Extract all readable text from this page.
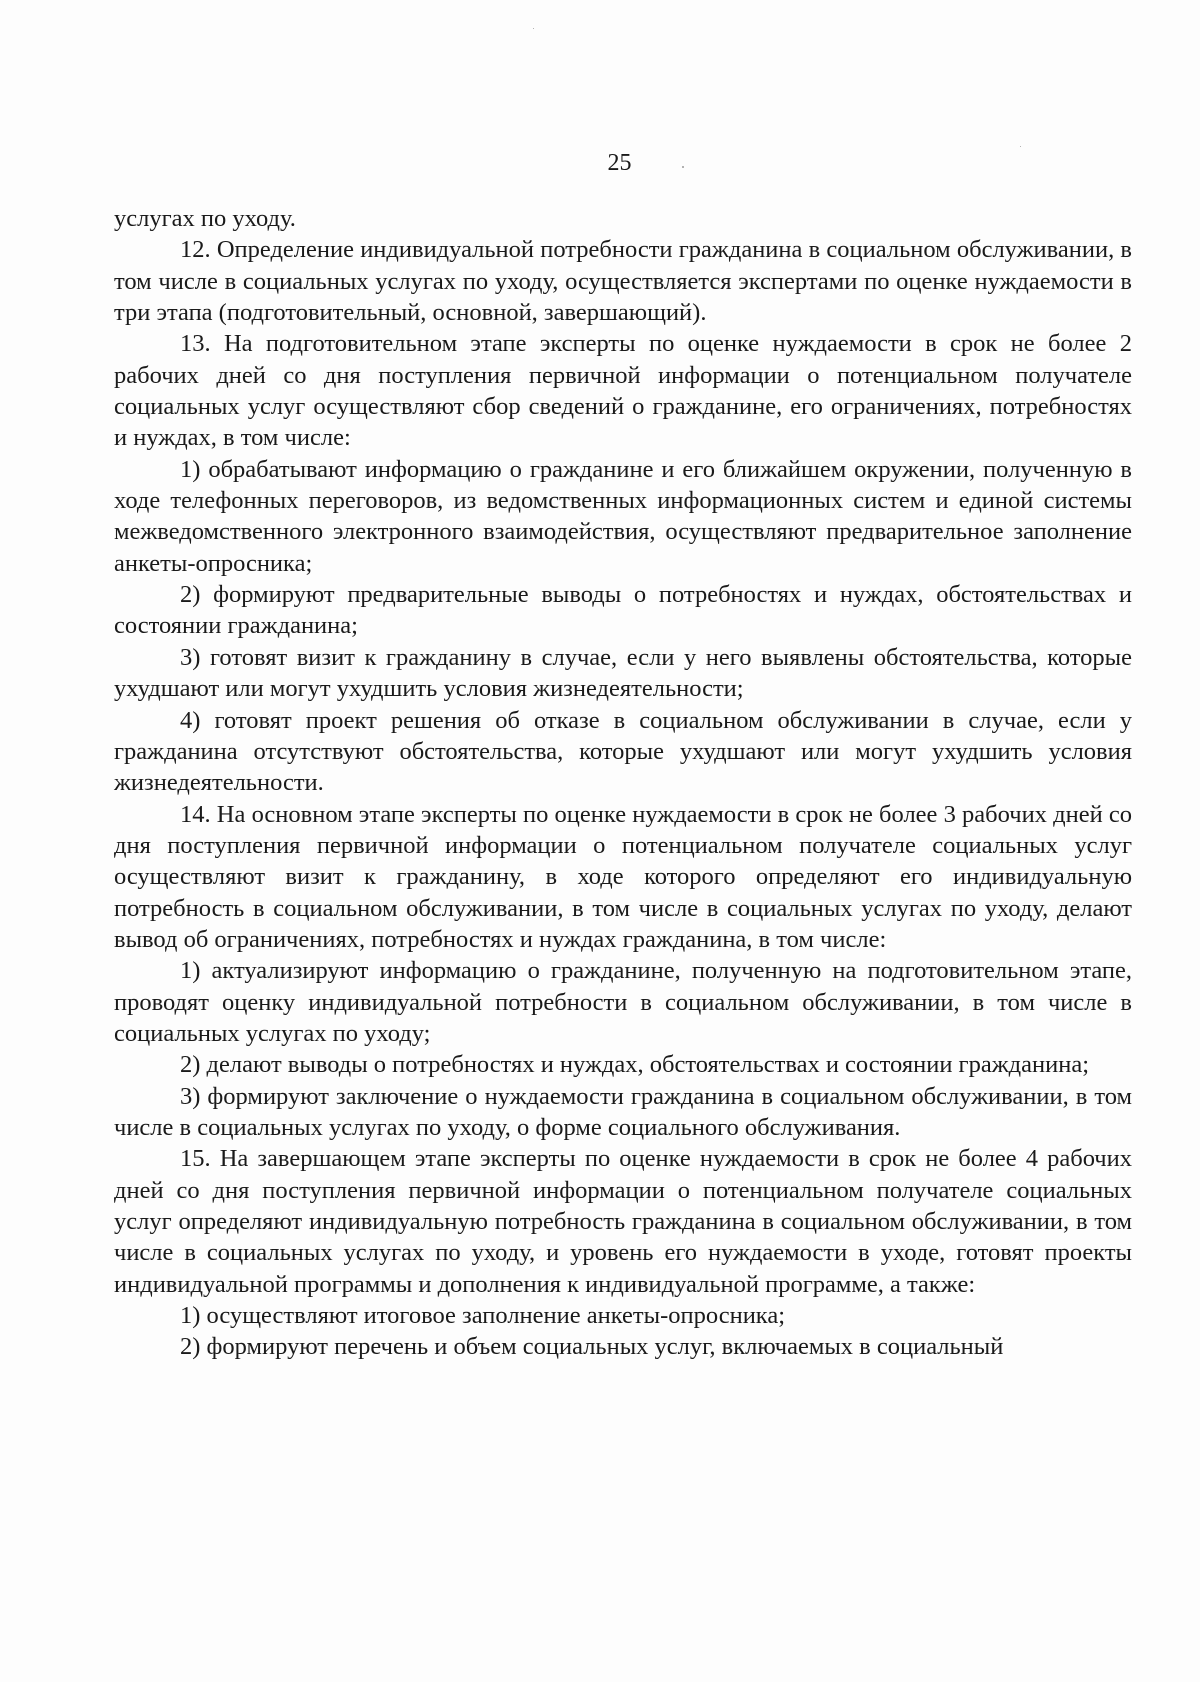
25

услугах по уходу.

12. Определение индивидуальной потребности гражданина в социальном обслуживании, в том числе в социальных услугах по уходу, осуществляется экспертами по оценке нуждаемости в три этапа (подготовительный, основной, завершающий).

13. На подготовительном этапе эксперты по оценке нуждаемости в срок не более 2 рабочих дней со дня поступления первичной информации о потенциальном получателе социальных услуг осуществляют сбор сведений о гражданине, его ограничениях, потребностях и нуждах, в том числе:

1) обрабатывают информацию о гражданине и его ближайшем окружении, полученную в ходе телефонных переговоров, из ведомственных информационных систем и единой системы межведомственного электронного взаимодействия, осуществляют предварительное заполнение анкеты-опросника;

2) формируют предварительные выводы о потребностях и нуждах, обстоятельствах и состоянии гражданина;

3) готовят визит к гражданину в случае, если у него выявлены обстоятельства, которые ухудшают или могут ухудшить условия жизнедеятельности;

4) готовят проект решения об отказе в социальном обслуживании в случае, если у гражданина отсутствуют обстоятельства, которые ухудшают или могут ухудшить условия жизнедеятельности.

14. На основном этапе эксперты по оценке нуждаемости в срок не более 3 рабочих дней со дня поступления первичной информации о потенциальном получателе социальных услуг осуществляют визит к гражданину, в ходе которого определяют его индивидуальную потребность в социальном обслуживании, в том числе в социальных услугах по уходу, делают вывод об ограничениях, потребностях и нуждах гражданина, в том числе:

1) актуализируют информацию о гражданине, полученную на подготовительном этапе, проводят оценку индивидуальной потребности в социальном обслуживании, в том числе в социальных услугах по уходу;

2) делают выводы о потребностях и нуждах, обстоятельствах и состоянии гражданина;

3) формируют заключение о нуждаемости гражданина в социальном обслуживании, в том числе в социальных услугах по уходу, о форме социального обслуживания.

15. На завершающем этапе эксперты по оценке нуждаемости в срок не более 4 рабочих дней со дня поступления первичной информации о потенциальном получателе социальных услуг определяют индивидуальную потребность гражданина в социальном обслуживании, в том числе в социальных услугах по уходу, и уровень его нуждаемости в уходе, готовят проекты индивидуальной программы и дополнения к индивидуальной программе, а также:

1) осуществляют итоговое заполнение анкеты-опросника;

2) формируют перечень и объем социальных услуг, включаемых в социальный
